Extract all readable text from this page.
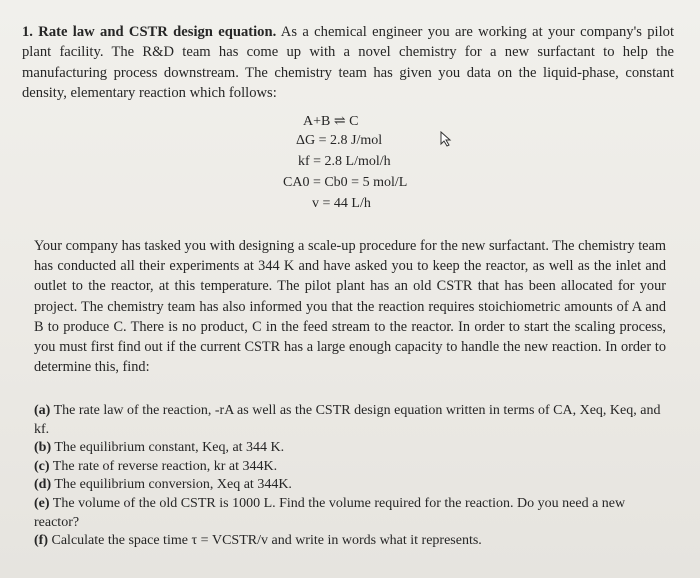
1. Rate law and CSTR design equation. As a chemical engineer you are working at your company's pilot plant facility. The R&D team has come up with a novel chemistry for a new surfactant to help the manufacturing process downstream. The chemistry team has given you data on the liquid-phase, constant density, elementary reaction which follows:
A+B ⇌ C
ΔG = 2.8 J/mol
kf = 2.8 L/mol/h
CA0 = Cb0 = 5 mol/L
v = 44 L/h
Your company has tasked you with designing a scale-up procedure for the new surfactant. The chemistry team has conducted all their experiments at 344 K and have asked you to keep the reactor, as well as the inlet and outlet to the reactor, at this temperature. The pilot plant has an old CSTR that has been allocated for your project. The chemistry team has also informed you that the reaction requires stoichiometric amounts of A and B to produce C. There is no product, C in the feed stream to the reactor. In order to start the scaling process, you must first find out if the current CSTR has a large enough capacity to handle the new reaction. In order to determine this, find:

(a) The rate law of the reaction, -rA as well as the CSTR design equation written in terms of CA, Xeq, Keq, and kf.

(b) The equilibrium constant, Keq, at 344 K.

(c) The rate of reverse reaction, kr at 344K.

(d) The equilibrium conversion, Xeq at 344K.

(e) The volume of the old CSTR is 1000 L. Find the volume required for the reaction. Do you need a new reactor?

(f) Calculate the space time τ = VCSTR/v and write in words what it represents.
